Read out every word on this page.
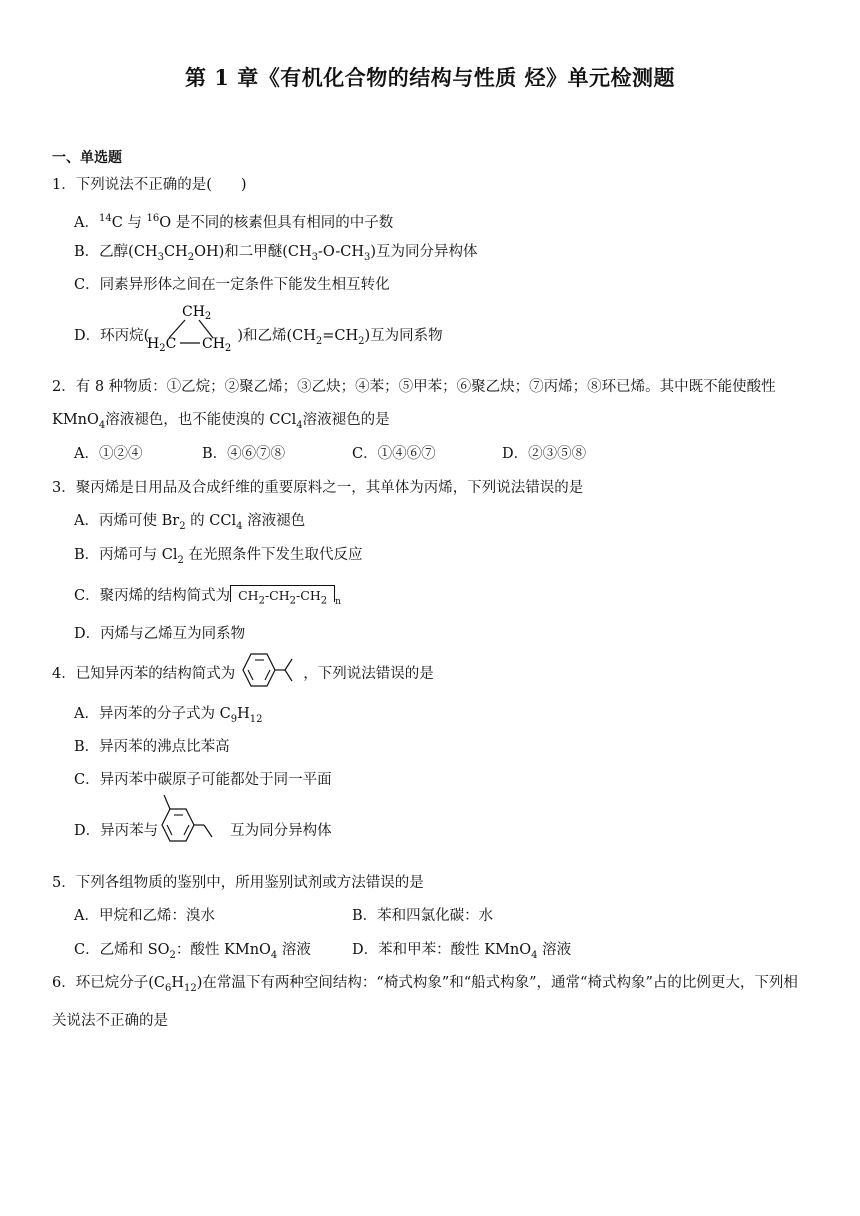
第 1 章《有机化合物的结构与性质 烃》单元检测题
一、单选题
1．下列说法不正确的是(　　)
A．$^{14}$C 与 $^{16}$O 是不同的核素但具有相同的中子数
B．乙醇$(CH_3CH_2OH)$和二甲醚$(CH_3-O-CH_3)$互为同分异构体
C．同素异形体之间在一定条件下能发生相互转化
D．环丙烷(
$CH_2$
$H_2C$ $CH_2$
)和乙烯$(CH_2=CH_2)$互为同系物
2．有 8 种物质：①乙烷；②聚乙烯；③乙炔；④苯；⑤甲苯；⑥聚乙炔；⑦丙烯；⑧环已烯。其中既不能使酸性
KMnO$_4$溶液褪色，也不能使溴的 CCl$_4$溶液褪色的是
A．①②④	B．④⑥⑦⑧	C．①④⑥⑦	D．②③⑤⑧
3．聚丙烯是日用品及合成纤维的重要原料之一，其单体为丙烯，下列说法错误的是
A．丙烯可使 $Br_2$ 的 CCl$_4$ 溶液褪色
B．丙烯可与 $Cl_2$ 在光照条件下发生取代反应
C．聚丙烯的结构简式为 $CH_2-CH_2-CH_2$ $_n$
D．丙烯与乙烯互为同系物
4．已知异丙苯的结构简式为	，下列说法错误的是
A．异丙苯的分子式为 $C_9H_{12}$
B．异丙苯的沸点比苯高
C．异丙苯中碳原子可能都处于同一平面
D．异丙苯与	互为同分异构体
5．下列各组物质的鉴别中，所用鉴别试剂或方法错误的是
A．甲烷和乙烯：溴水	B．苯和四氯化碳：水
C．乙烯和 $SO_2$：酸性 KMnO$_4$ 溶液	D．苯和甲苯：酸性 KMnO$_4$ 溶液
6．环已烷分子$(C_6H_{12})$在常温下有两种空间结构：“椅式构象”和“船式构象”，通常“椅式构象”占的比例更大，下列相关说法不正确的是
